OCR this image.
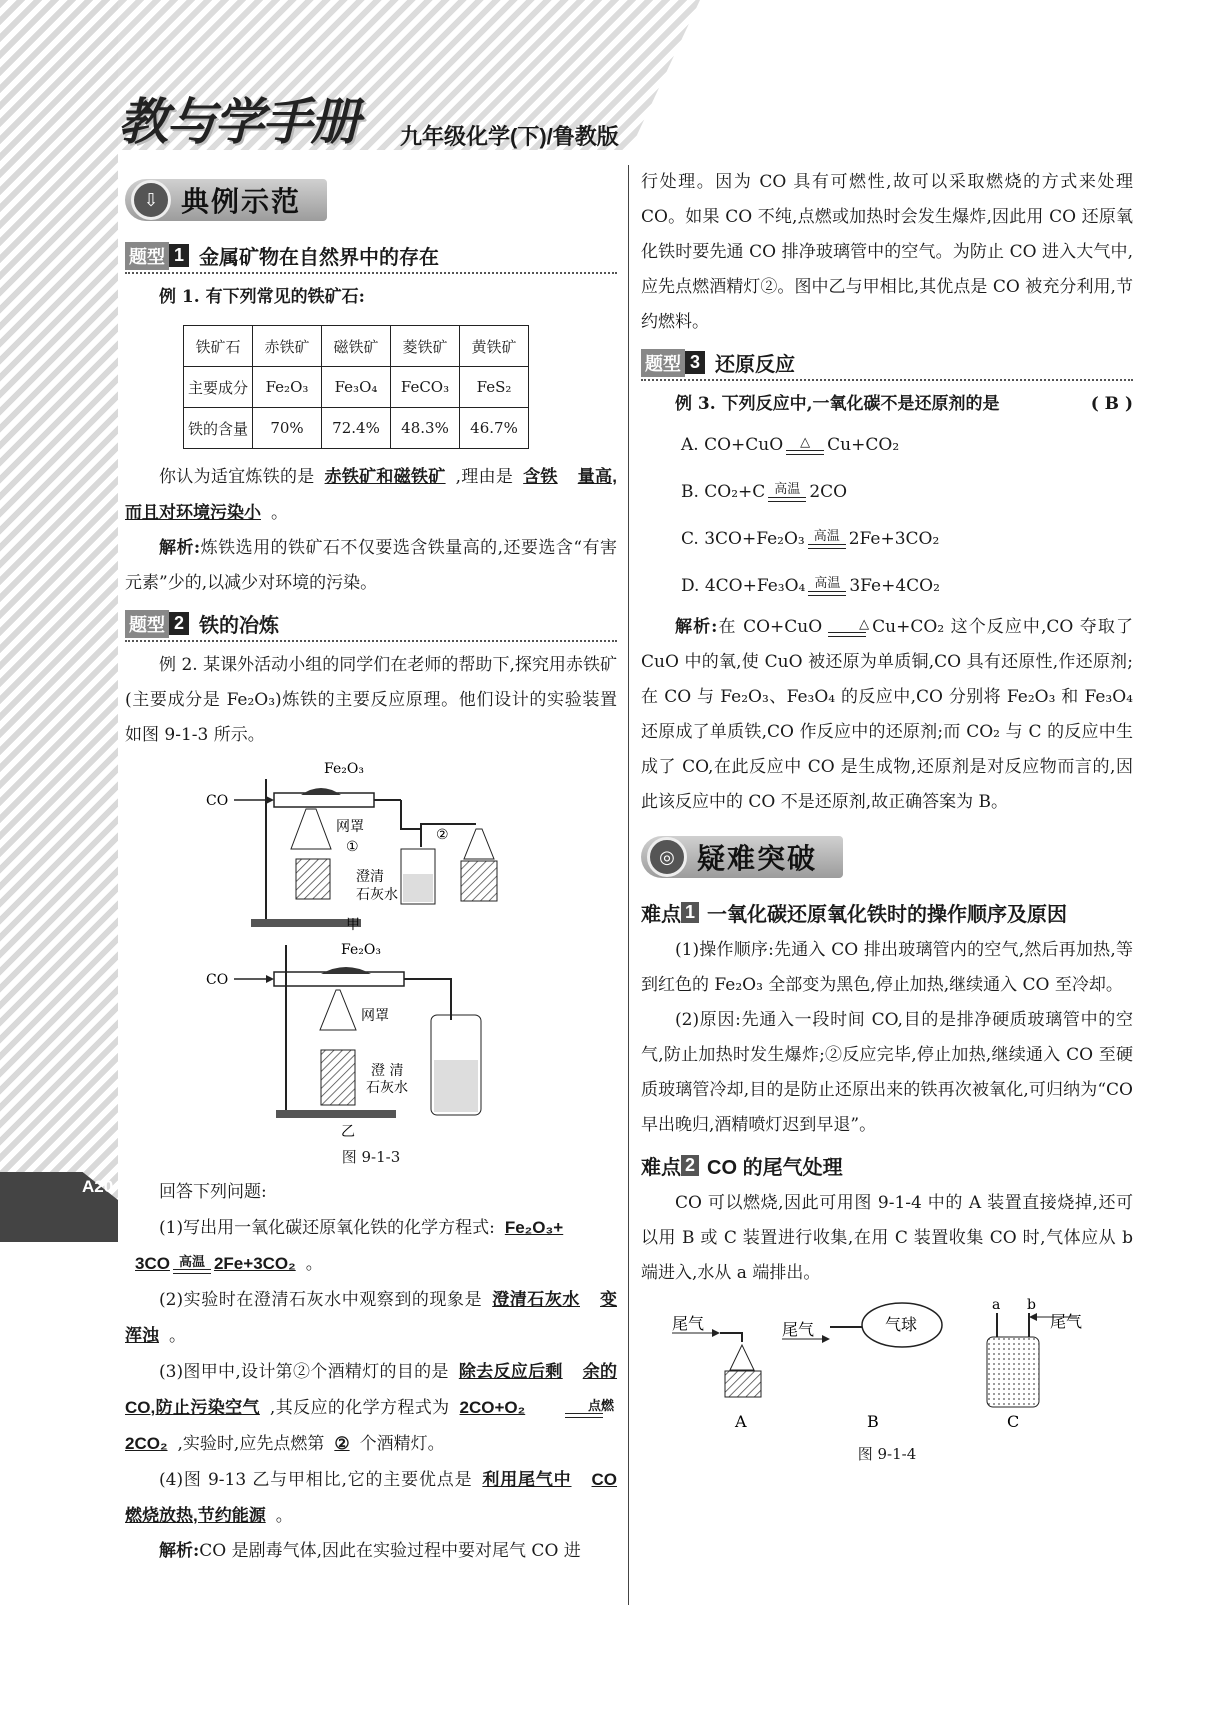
A20
教与学手册 九年级化学(下)/鲁教版
⇩ 典例示范
题型 1 金属矿物在自然界中的存在

例 1. 有下列常见的铁矿石:

铁矿石	赤铁矿	磁铁矿	菱铁矿	黄铁矿
主要成分	Fe₂O₃	Fe₃O₄	FeCO₃	FeS₂
铁的含量	70%	72.4%	48.3%	46.7%

你认为适宜炼铁的是 赤铁矿和磁铁矿 ,理由是 含铁 量高,而且对环境污染小 。

解析:炼铁选用的铁矿石不仅要选含铁量高的,还要选含“有害元素”少的,以减少对环境的污染。

题型 2 铁的冶炼

例 2. 某课外活动小组的同学们在老师的帮助下,探究用赤铁矿(主要成分是 Fe₂O₃)炼铁的主要反应原理。他们设计的实验装置如图 9-1-3 所示。

CO
Fe₂O₃
网罩
①
澄清
石灰水
②
甲
CO
Fe₂O₃
网罩
澄 清
石灰水
乙
图 9-1-3

回答下列问题:

(1)写出用一氧化碳还原氧化铁的化学方程式: Fe₂O₃+

3CO 高温 2Fe+3CO₂ 。

(2)实验时在澄清石灰水中观察到的现象是 澄清石灰水 变浑浊 。

(3)图甲中,设计第②个酒精灯的目的是 除去反应后剩 余的 CO,防止污染空气 ,其反应的化学方程式为 2CO+O₂	点燃
2CO₂ ,实验时,应先点燃第 ② 个酒精灯。

(4)图 9-13 乙与甲相比,它的主要优点是 利用尾气中 CO 燃烧放热,节约能源 。

解析:CO 是剧毒气体,因此在实验过程中要对尾气 CO 进

行处理。因为 CO 具有可燃性,故可以采取燃烧的方式来处理 CO。如果 CO 不纯,点燃或加热时会发生爆炸,因此用 CO 还原氧化铁时要先通 CO 排净玻璃管中的空气。为防止 CO 进入大气中,应先点燃酒精灯②。图中乙与甲相比,其优点是 CO 被充分利用,节约燃料。

题型 3 还原反应

例 3. 下列反应中,一氧化碳不是还原剂的是	( B )

A. CO+CuO △ Cu+CO₂
B. CO₂+C 高温 2CO
C. 3CO+Fe₂O₃ 高温 2Fe+3CO₂
D. 4CO+Fe₃O₄ 高温 3Fe+4CO₂

解析:在 CO+CuO	△ Cu+CO₂ 这个反应中,CO 夺取了 CuO 中的氧,使 CuO 被还原为单质铜,CO 具有还原性,作还原剂;在 CO 与 Fe₂O₃、Fe₃O₄ 的反应中,CO 分别将 Fe₂O₃ 和 Fe₃O₄ 还原成了单质铁,CO 作反应中的还原剂;而 CO₂ 与 C 的反应中生成了 CO,在此反应中 CO 是生成物,还原剂是对反应物而言的,因此该反应中的 CO 不是还原剂,故正确答案为 B。

◎ 疑难突破
难点 1 一氧化碳还原氧化铁时的操作顺序及原因

(1)操作顺序:先通入 CO 排出玻璃管内的空气,然后再加热,等到红色的 Fe₂O₃ 全部变为黑色,停止加热,继续通入 CO 至冷却。

(2)原因:先通入一段时间 CO,目的是排净硬质玻璃管中的空气,防止加热时发生爆炸;②反应完毕,停止加热,继续通入 CO 至硬质玻璃管冷却,目的是防止还原出来的铁再次被氧化,可归纳为“CO 早出晚归,酒精喷灯迟到早退”。

难点 2 CO 的尾气处理

CO 可以燃烧,因此可用图 9-1-4 中的 A 装置直接烧掉,还可以用 B 或 C 装置进行收集,在用 C 装置收集 CO 时,气体应从 b 端进入,水从 a 端排出。

尾气
A
尾气	气球
B
a b
尾气
C
图 9-1-4
